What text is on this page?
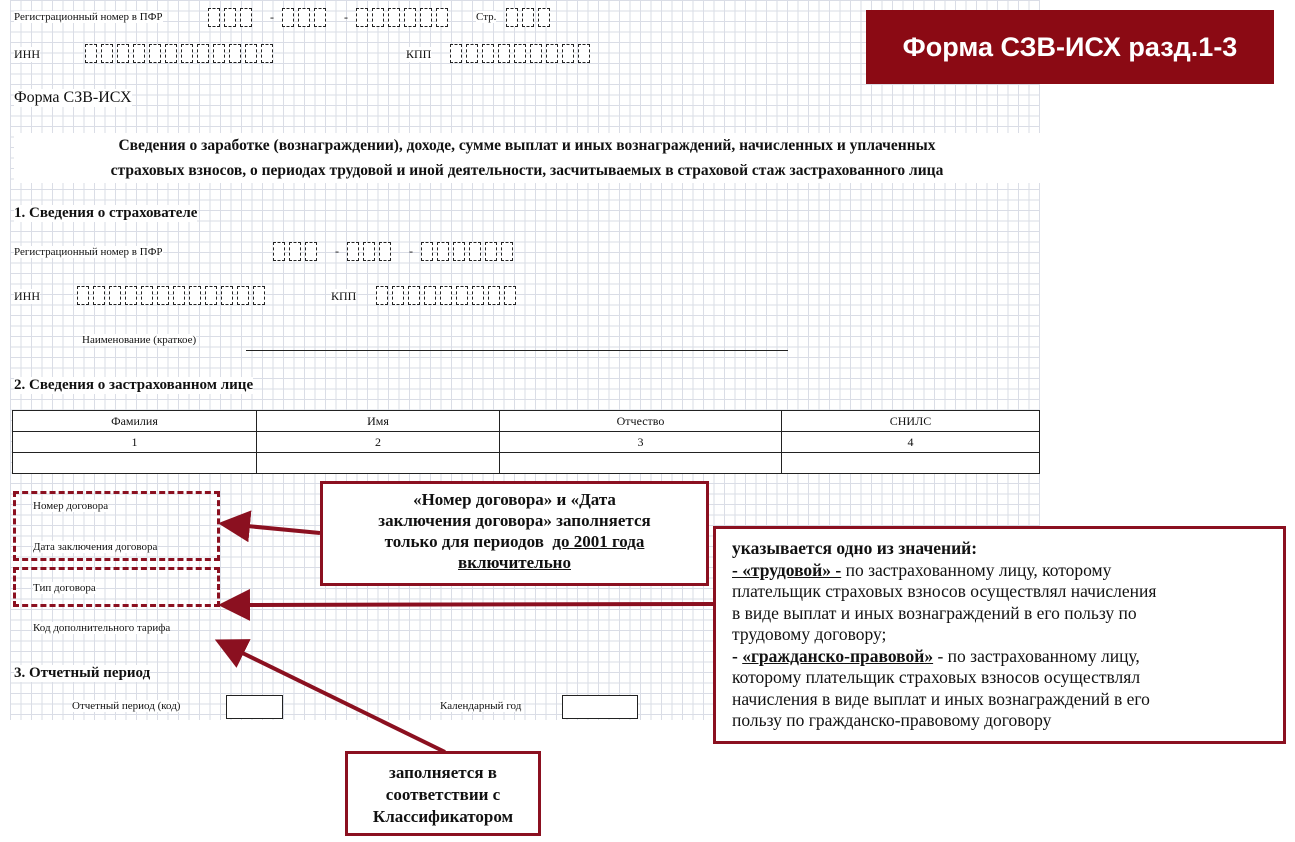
Регистрационный номер в ПФР	-	-	Стр.
ИНН	КПП	Форма СЗВ-ИСХ разд.1-3
Форма СЗВ-ИСХ
Сведения о заработке (вознаграждении), доходе, сумме выплат и иных вознаграждений, начисленных и уплаченных
страховых взносов, о периодах трудовой и иной деятельности, засчитываемых в страховой стаж застрахованного лица
1. Сведения о страхователе
Регистрационный номер в ПФР	-	-
ИНН	КПП
Наименование (краткое)
2. Сведения о застрахованном лице
Фамилия	Имя	Отчество	СНИЛС
1	2	3	4

Номер договора
Дата заключения договора
Тип договора
Код дополнительного тарифа
3. Отчетный период
Отчетный период (код)	Календарный год
«Номер договора» и «Дата
заключения договора» заполняется
только для периодов до 2001 года
включительно
указывается одно из значений:
- «трудовой» - по застрахованному лицу, которому
плательщик страховых взносов осуществлял начисления
в виде выплат и иных вознаграждений в его пользу по
трудовому договору;
- «гражданско-правовой» - по застрахованному лицу,
которому плательщик страховых взносов осуществлял
начисления в виде выплат и иных вознаграждений в его
пользу по гражданско-правовому договору
заполняется в
соответствии с
Классификатором
